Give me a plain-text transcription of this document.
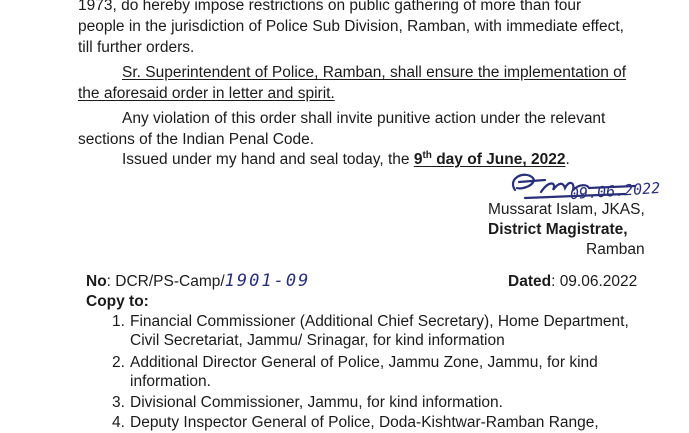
1973, do hereby impose restrictions on public gathering of more than four
people in the jurisdiction of Police Sub Division, Ramban, with immediate effect,
till further orders.
Sr. Superintendent of Police, Ramban, shall ensure the implementation of
the aforesaid order in letter and spirit.
Any violation of this order shall invite punitive action under the relevant
sections of the Indian Penal Code.
Issued under my hand and seal today, the 9th day of June, 2022.
09.06.2022
Mussarat Islam, JKAS,
District Magistrate,
Ramban
No: DCR/PS-Camp/1901-09	Dated: 09.06.2022
Copy to:
1. Financial Commissioner (Additional Chief Secretary), Home Department,
Civil Secretariat, Jammu/ Srinagar, for kind information
2. Additional Director General of Police, Jammu Zone, Jammu, for kind
information.
3. Divisional Commissioner, Jammu, for kind information.
4. Deputy Inspector General of Police, Doda-Kishtwar-Ramban Range,
